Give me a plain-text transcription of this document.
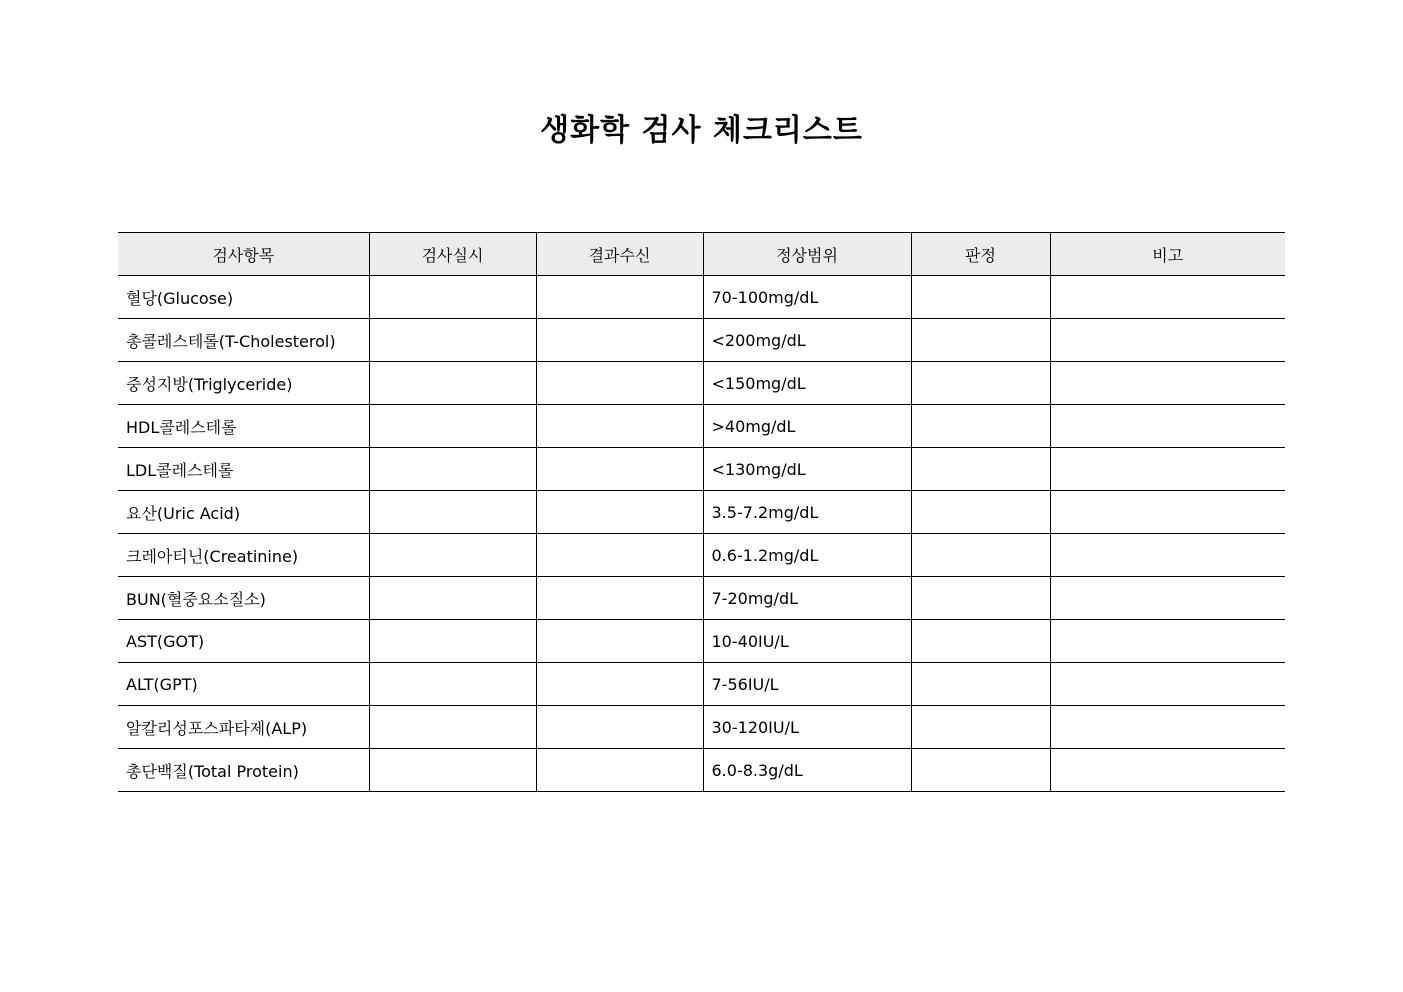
생화학 검사 체크리스트
검사항목	검사실시	결과수신	정상범위	판정	비고
혈당(Glucose)			70-100mg/dL		
총콜레스테롤(T-Cholesterol)			<200mg/dL		
중성지방(Triglyceride)			<150mg/dL		
HDL콜레스테롤			>40mg/dL		
LDL콜레스테롤			<130mg/dL		
요산(Uric Acid)			3.5-7.2mg/dL		
크레아티닌(Creatinine)			0.6-1.2mg/dL		
BUN(혈중요소질소)			7-20mg/dL		
AST(GOT)			10-40IU/L		
ALT(GPT)			7-56IU/L		
알칼리성포스파타제(ALP)			30-120IU/L		
총단백질(Total Protein)			6.0-8.3g/dL		
